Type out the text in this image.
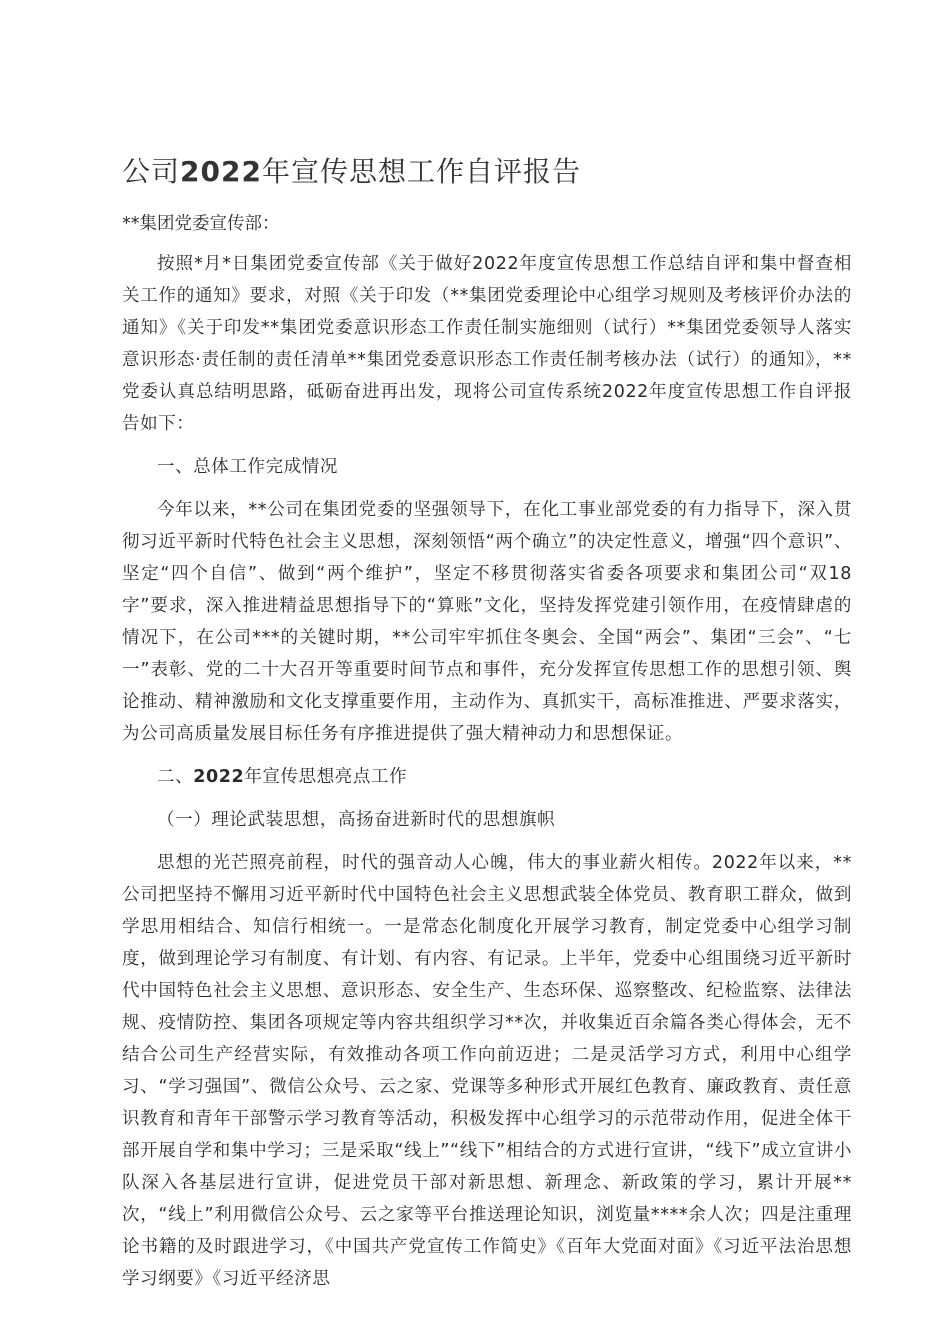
公司2022年宣传思想工作自评报告
**集团党委宣传部：

按照*月*日集团党委宣传部《关于做好2022年度宣传思想工作总结自评和集中督查相关工作的通知》要求，对照《关于印发（**集团党委理论中心组学习规则及考核评价办法的通知》《关于印发**集团党委意识形态工作责任制实施细则（试行）**集团党委领导人落实意识形态·责任制的责任清单**集团党委意识形态工作责任制考核办法（试行）的通知》，**党委认真总结明思路，砥砺奋进再出发，现将公司宣传系统2022年度宣传思想工作自评报告如下：

一、总体工作完成情况

今年以来，**公司在集团党委的坚强领导下，在化工事业部党委的有力指导下，深入贯彻习近平新时代特色社会主义思想，深刻领悟“两个确立”的决定性意义，增强“四个意识”、坚定“四个自信”、做到“两个维护”，坚定不移贯彻落实省委各项要求和集团公司“双18字”要求，深入推进精益思想指导下的“算账”文化，坚持发挥党建引领作用，在疫情肆虐的情况下，在公司***的关键时期，**公司牢牢抓住冬奥会、全国“两会”、集团“三会”、“七一”表彰、党的二十大召开等重要时间节点和事件，充分发挥宣传思想工作的思想引领、舆论推动、精神激励和文化支撑重要作用，主动作为、真抓实干，高标准推进、严要求落实，为公司高质量发展目标任务有序推进提供了强大精神动力和思想保证。

二、2022年宣传思想亮点工作
（一）理论武装思想，高扬奋进新时代的思想旗帜

思想的光芒照亮前程，时代的强音动人心魄，伟大的事业薪火相传。2022年以来，**公司把坚持不懈用习近平新时代中国特色社会主义思想武装全体党员、教育职工群众，做到学思用相结合、知信行相统一。一是常态化制度化开展学习教育，制定党委中心组学习制度，做到理论学习有制度、有计划、有内容、有记录。上半年，党委中心组围绕习近平新时代中国特色社会主义思想、意识形态、安全生产、生态环保、巡察整改、纪检监察、法律法规、疫情防控、集团各项规定等内容共组织学习**次，并收集近百余篇各类心得体会，无不结合公司生产经营实际，有效推动各项工作向前迈进；二是灵活学习方式，利用中心组学习、“学习强国”、微信公众号、云之家、党课等多种形式开展红色教育、廉政教育、责任意识教育和青年干部警示学习教育等活动，积极发挥中心组学习的示范带动作用，促进全体干部开展自学和集中学习；三是采取“线上”“线下”相结合的方式进行宣讲，“线下”成立宣讲小队深入各基层进行宣讲，促进党员干部对新思想、新理念、新政策的学习，累计开展**次，“线上”利用微信公众号、云之家等平台推送理论知识，浏览量****余人次；四是注重理论书籍的及时跟进学习，《中国共产党宣传工作简史》《百年大党面对面》《习近平法治思想学习纲要》《习近平经济思
